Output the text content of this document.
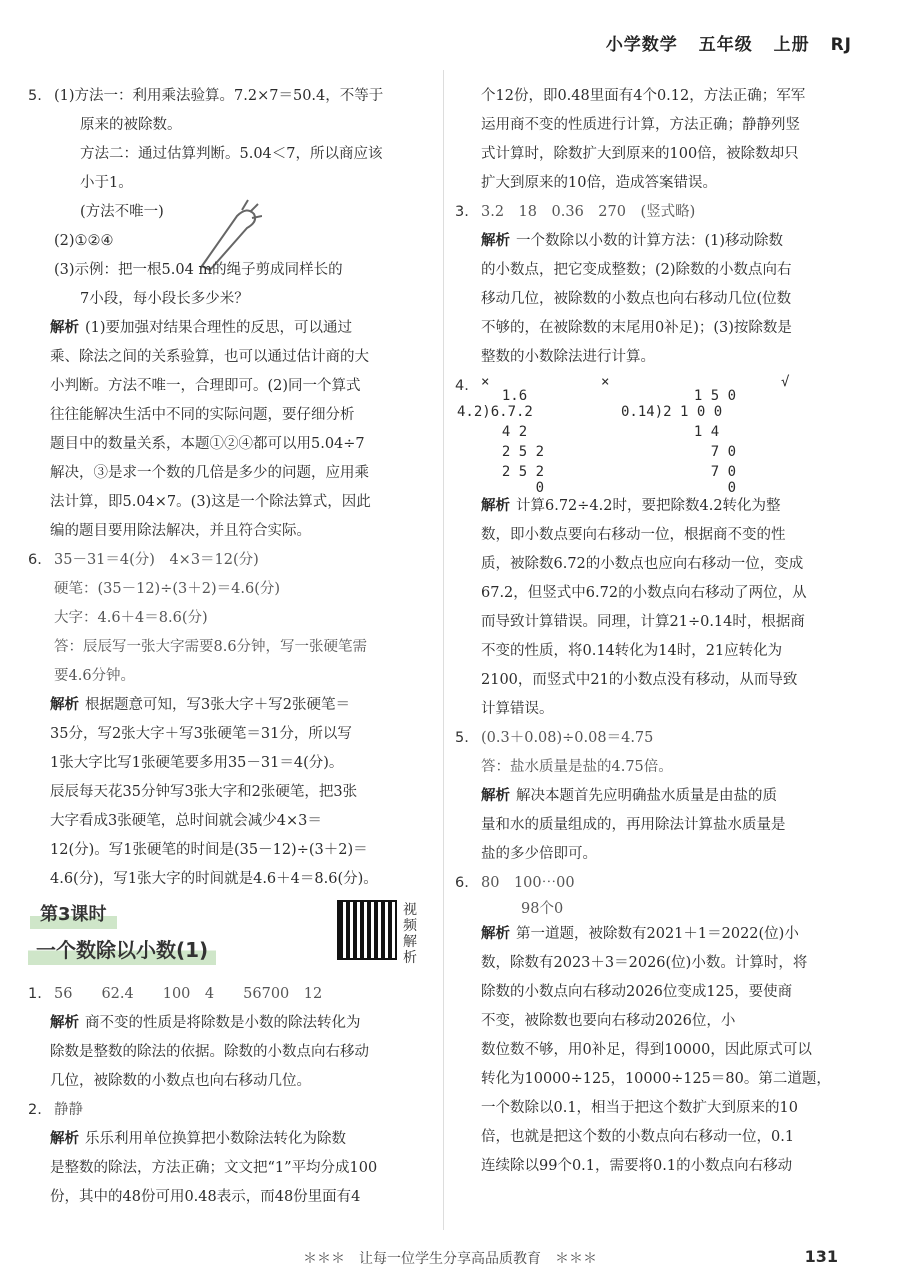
小学数学 五年级 上册 RJ
5. (1)方法一：利用乘法验算。7.2×7＝50.4，不等于

原来的被除数。

方法二：通过估算判断。5.04＜7，所以商应该

小于1。

(方法不唯一)

(2)①②④

(3)示例：把一根5.04 m的绳子剪成同样长的

7小段，每小段长多少米？

解析 (1)要加强对结果合理性的反思，可以通过

乘、除法之间的关系验算，也可以通过估计商的大

小判断。方法不唯一，合理即可。(2)同一个算式

往往能解决生活中不同的实际问题，要仔细分析

题目中的数量关系，本题①②④都可以用5.04÷7

解决，③是求一个数的几倍是多少的问题，应用乘

法计算，即5.04×7。(3)这是一个除法算式，因此

编的题目要用除法解决，并且符合实际。

6. 35－31＝4(分)　4×3＝12(分)

硬笔：(35－12)÷(3＋2)＝4.6(分)

大字：4.6＋4＝8.6(分)

答：辰辰写一张大字需要8.6分钟，写一张硬笔需

要4.6分钟。

解析 根据题意可知，写3张大字＋写2张硬笔＝

35分，写2张大字＋写3张硬笔＝31分，所以写

1张大字比写1张硬笔要多用35－31＝4(分)。

辰辰每天花35分钟写3张大字和2张硬笔，把3张

大字看成3张硬笔，总时间就会减少4×3＝

12(分)。写1张硬笔的时间是(35－12)÷(3＋2)＝

4.6(分)，写1张大字的时间就是4.6＋4＝8.6(分)。

第3课时
一个数除以小数(1)
视频解析
1. 56　　62.4　　100　4　　56700　12

解析 商不变的性质是将除数是小数的除法转化为

除数是整数的除法的依据。除数的小数点向右移动

几位，被除数的小数点也向右移动几位。

2. 静静

解析 乐乐利用单位换算把小数除法转化为除数

是整数的除法，方法正确；文文把“1”平均分成100

份，其中的48份可用0.48表示，而48份里面有4

个12份，即0.48里面有4个0.12，方法正确；军军

运用商不变的性质进行计算，方法正确；静静列竖

式计算时，除数扩大到原来的100倍，被除数却只

扩大到原来的10倍，造成答案错误。

3. 3.2　18　0.36　270　(竖式略)

解析 一个数除以小数的计算方法：(1)移动除数

的小数点，把它变成整数；(2)除数的小数点向右

移动几位，被除数的小数点也向右移动几位(位数

不够的，在被除数的末尾用0补足)；(3)按除数是

整数的小数除法进行计算。

4. ×
1.6
4.2)6.7.2
4 2
2 5 2
2 5 2
0
×
1 5 0
0.14)2 1 0 0
1 4
7 0
7 0
0
√

解析 计算6.72÷4.2时，要把除数4.2转化为整

数，即小数点要向右移动一位，根据商不变的性

质，被除数6.72的小数点也应向右移动一位，变成

67.2，但竖式中6.72的小数点向右移动了两位，从

而导致计算错误。同理，计算21÷0.14时，根据商

不变的性质，将0.14转化为14时，21应转化为

2100，而竖式中21的小数点没有移动，从而导致

计算错误。

5. (0.3＋0.08)÷0.08＝4.75

答：盐水质量是盐的4.75倍。

解析 解决本题首先应明确盐水质量是由盐的质

量和水的质量组成的，再用除法计算盐水质量是

盐的多少倍即可。

6. 80　100⋯00

98个0

解析 第一道题，被除数有2021＋1＝2022(位)小

数，除数有2023＋3＝2026(位)小数。计算时，将

除数的小数点向右移动2026位变成125，要使商

不变，被除数也要向右移动2026位，小

数位数不够，用0补足，得到10000，因此原式可以

转化为10000÷125，10000÷125＝80。第二道题，

一个数除以0.1，相当于把这个数扩大到原来的10

倍，也就是把这个数的小数点向右移动一位，0.1

连续除以99个0.1，需要将0.1的小数点向右移动

＊＊＊　让每一位学生分享高品质教育　＊＊＊	131
